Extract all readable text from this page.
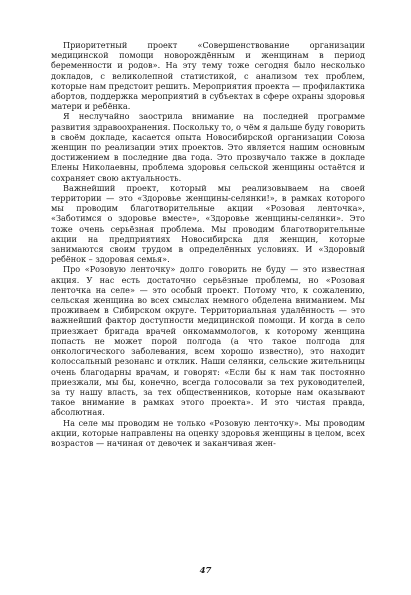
Приоритетный проект «Совершенствование организации медицинской помощи новорождённым и женщинам в период беременности и родов». На эту тему тоже сегодня было несколько докладов, с великолепной статистикой, с анализом тех проблем, которые нам предстоит решить. Мероприятия проекта — профилактика абортов, поддержка мероприятий в субъектах в сфере охраны здоровья матери и ребёнка.

Я неслучайно заострила внимание на последней программе развития здравоохранения. Поскольку то, о чём я дальше буду говорить в своём докладе, касается опыта Новосибирской организации Союза женщин по реализации этих проектов. Это является нашим основным достижением в последние два года. Это прозвучало также в докладе Елены Николаевны, проблема здоровья сельской женщины остаётся и сохраняет свою актуальность.

Важнейший проект, который мы реализовываем на своей территории — это «Здоровье женщины-селянки!», в рамках которого мы проводим благотворительные акции «Розовая ленточка», «Заботимся о здоровье вместе», «Здоровье женщины-селянки». Это тоже очень серьёзная проблема. Мы проводим благотворительные акции на предприятиях Новосибирска для женщин, которые занимаются своим трудом в определённых условиях. И «Здоровый ребёнок – здоровая семья».

Про «Розовую ленточку» долго говорить не буду — это известная акция. У нас есть достаточно серьёзные проблемы, но «Розовая ленточка на селе» — это особый проект. Потому что, к сожалению, сельская женщина во всех смыслах немного обделена вниманием. Мы проживаем в Сибирском округе. Территориальная удалённость — это важнейший фактор доступности медицинской помощи. И когда в село приезжает бригада врачей онкомаммологов, к которому женщина попасть не может порой полгода (а что такое полгода для онкологического заболевания, всем хорошо известно), это находит колоссальный резонанс и отклик. Наши селянки, сельские жительницы очень благодарны врачам, и говорят: «Если бы к нам так постоянно приезжали, мы бы, конечно, всегда голосовали за тех руководителей, за ту нашу власть, за тех общественников, которые нам оказывают такое внимание в рамках этого проекта». И это чистая правда, абсолютная.

На селе мы проводим не только «Розовую ленточку». Мы проводим акции, которые направлены на оценку здоровья женщины в целом, всех возрастов — начиная от девочек и заканчивая жен-

47
